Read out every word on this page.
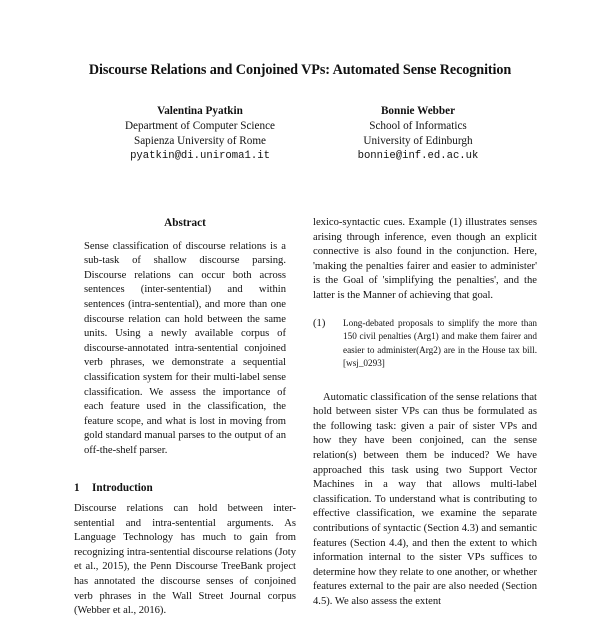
Discourse Relations and Conjoined VPs: Automated Sense Recognition
Valentina Pyatkin
Department of Computer Science
Sapienza University of Rome
pyatkin@di.uniroma1.it
Bonnie Webber
School of Informatics
University of Edinburgh
bonnie@inf.ed.ac.uk
Abstract

Sense classification of discourse relations is a sub-task of shallow discourse parsing. Discourse relations can occur both across sentences (inter-sentential) and within sentences (intra-sentential), and more than one discourse relation can hold between the same units. Using a newly available corpus of discourse-annotated intra-sentential conjoined verb phrases, we demonstrate a sequential classification system for their multi-label sense classification. We assess the importance of each feature used in the classification, the feature scope, and what is lost in moving from gold standard manual parses to the output of an off-the-shelf parser.

1 Introduction

Discourse relations can hold between inter-sentential and intra-sentential arguments. As Language Technology has much to gain from recognizing intra-sentential discourse relations (Joty et al., 2015), the Penn Discourse TreeBank project has annotated the discourse senses of conjoined verb phrases in the Wall Street Journal corpus (Webber et al., 2016).

lexico-syntactic cues. Example (1) illustrates senses arising through inference, even though an explicit connective is also found in the conjunction. Here, 'making the penalties fairer and easier to administer' is the Goal of 'simplifying the penalties', and the latter is the Manner of achieving that goal.

(1)	Long-debated proposals to simplify the more than 150 civil penalties (Arg1) and make them fairer and easier to administer(Arg2) are in the House tax bill. [wsj_0293]

Automatic classification of the sense relations that hold between sister VPs can thus be formulated as the following task: given a pair of sister VPs and how they have been conjoined, can the sense relation(s) between them be induced? We have approached this task using two Support Vector Machines in a way that allows multi-label classification. To understand what is contributing to effective classification, we examine the separate contributions of syntactic (Section 4.3) and semantic features (Section 4.4), and then the extent to which information internal to the sister VPs suffices to determine how they relate to one another, or whether features external to the pair are also needed (Section 4.5). We also assess the extent
